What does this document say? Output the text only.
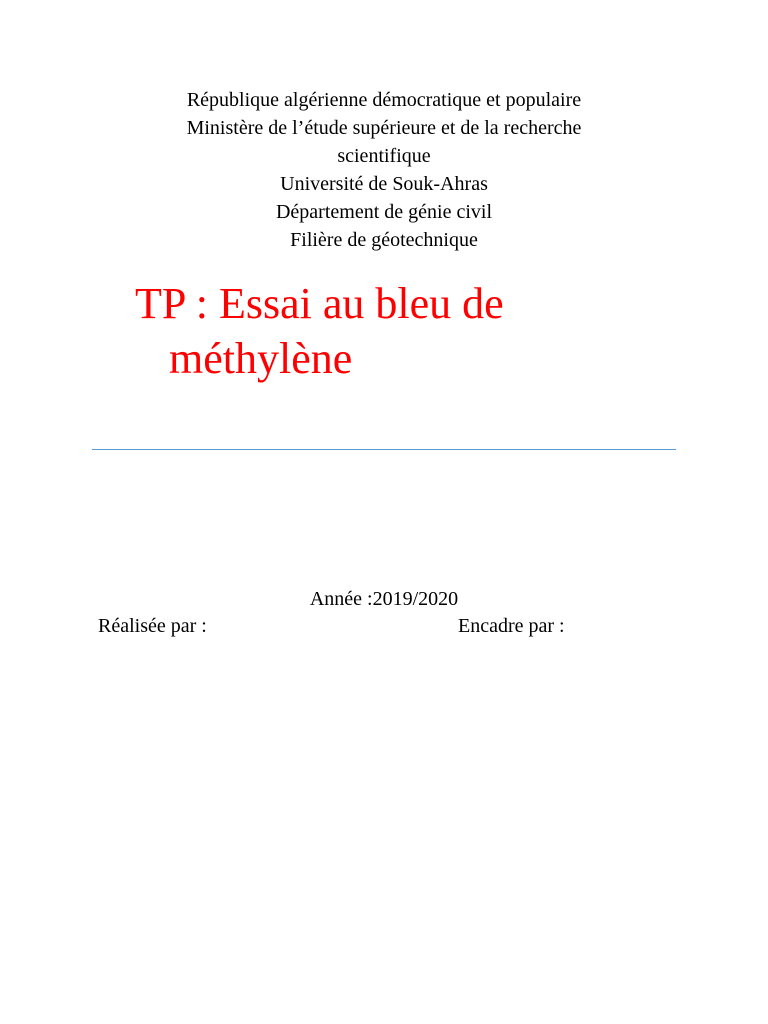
République algérienne démocratique et populaire
Ministère de l’étude supérieure et de la recherche
scientifique
Université de Souk-Ahras
Département de génie civil
Filière de géotechnique
TP : Essai au bleu de
méthylène
Année :2019/2020
Réalisée par :	Encadre par :
